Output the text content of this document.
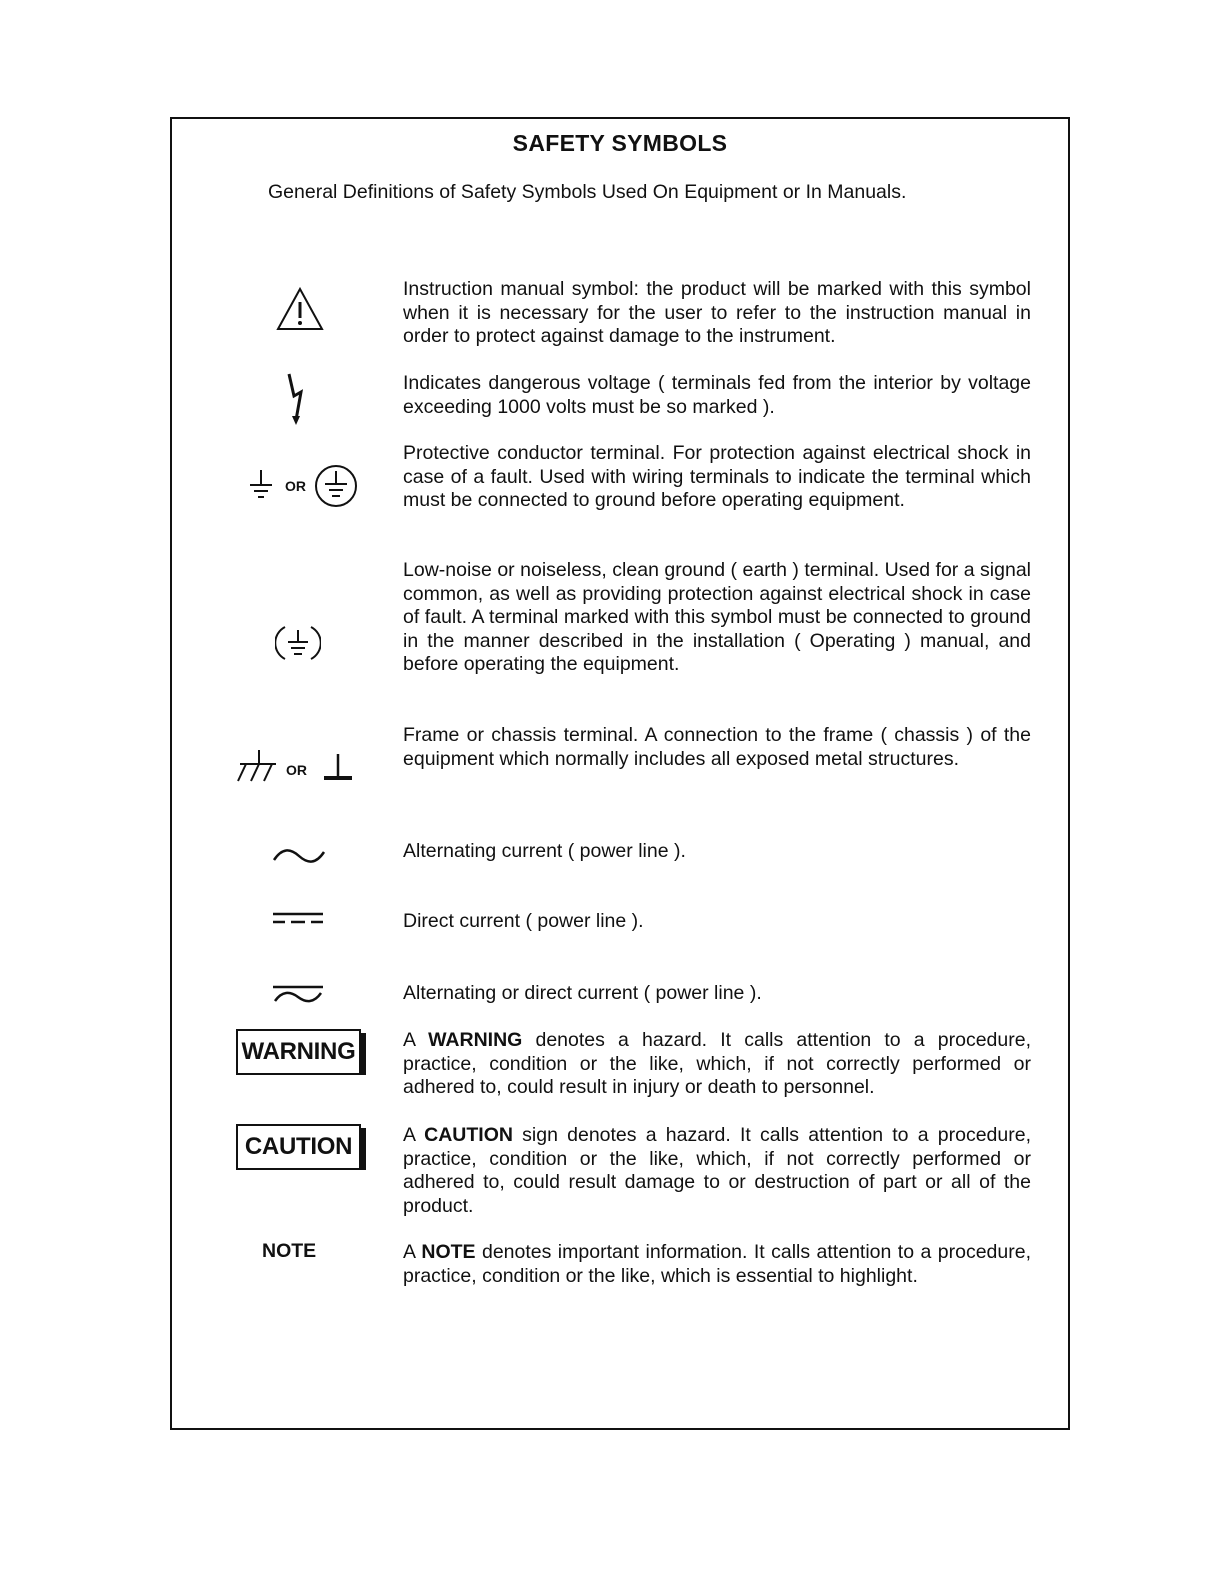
SAFETY SYMBOLS
General Definitions of Safety Symbols Used On Equipment or In Manuals.
Instruction manual symbol: the product will be marked with this symbol when it is necessary for the user to refer to the instruction manual in order to protect against damage to the instrument.
Indicates dangerous voltage ( terminals fed from the interior by voltage exceeding 1000 volts must be so marked ).
OR
Protective conductor terminal. For protection against electrical shock in case of a fault. Used with wiring terminals to indicate the terminal which must be connected to ground before operating equipment.
Low-noise or noiseless, clean ground ( earth ) terminal. Used for a signal common, as well as providing protection against electrical shock in case of fault. A terminal marked with this symbol must be connected to ground in the manner described in the installation ( Operating ) manual, and before operating the equipment.
OR
Frame or chassis terminal. A connection to the frame ( chassis ) of the equipment which normally includes all exposed metal structures.
Alternating current ( power line ).
Direct current ( power line ).
Alternating or direct current ( power line ).
WARNING A WARNING denotes a hazard. It calls attention to a procedure, practice, condition or the like, which, if not correctly performed or adhered to, could result in injury or death to personnel.
CAUTION	A CAUTION sign denotes a hazard. It calls attention to a procedure, practice, condition or the like, which, if not correctly performed or adhered to, could result damage to or destruction of part or all of the product.
NOTE	A NOTE denotes important information. It calls attention to a procedure, practice, condition or the like, which is essential to highlight.
